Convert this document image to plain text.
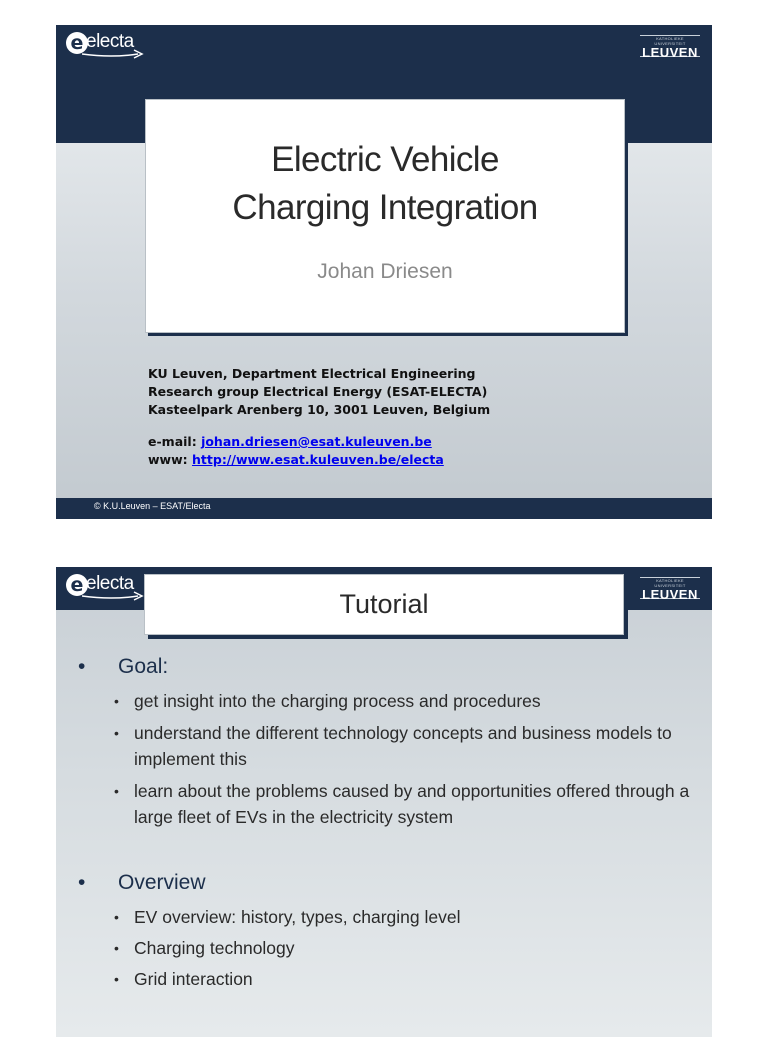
e electa	KATHOLIEKE UNIVERSITEIT
LEUVEN
Electric Vehicle
Charging Integration
Johan Driesen
KU Leuven, Department Electrical Engineering
Research group Electrical Energy (ESAT-ELECTA)
Kasteelpark Arenberg 10, 3001 Leuven, Belgium
e-mail: johan.driesen@esat.kuleuven.be
www: http://www.esat.kuleuven.be/electa
© K.U.Leuven – ESAT/Electa
e electa	KATHOLIEKE UNIVERSITEIT
LEUVEN
Tutorial
• Goal:
• get insight into the charging process and procedures
• understand the different technology concepts and business models to implement this
• learn about the problems caused by and opportunities offered through a large fleet of EVs in the electricity system
• Overview
• EV overview: history, types, charging level
• Charging technology
• Grid interaction
